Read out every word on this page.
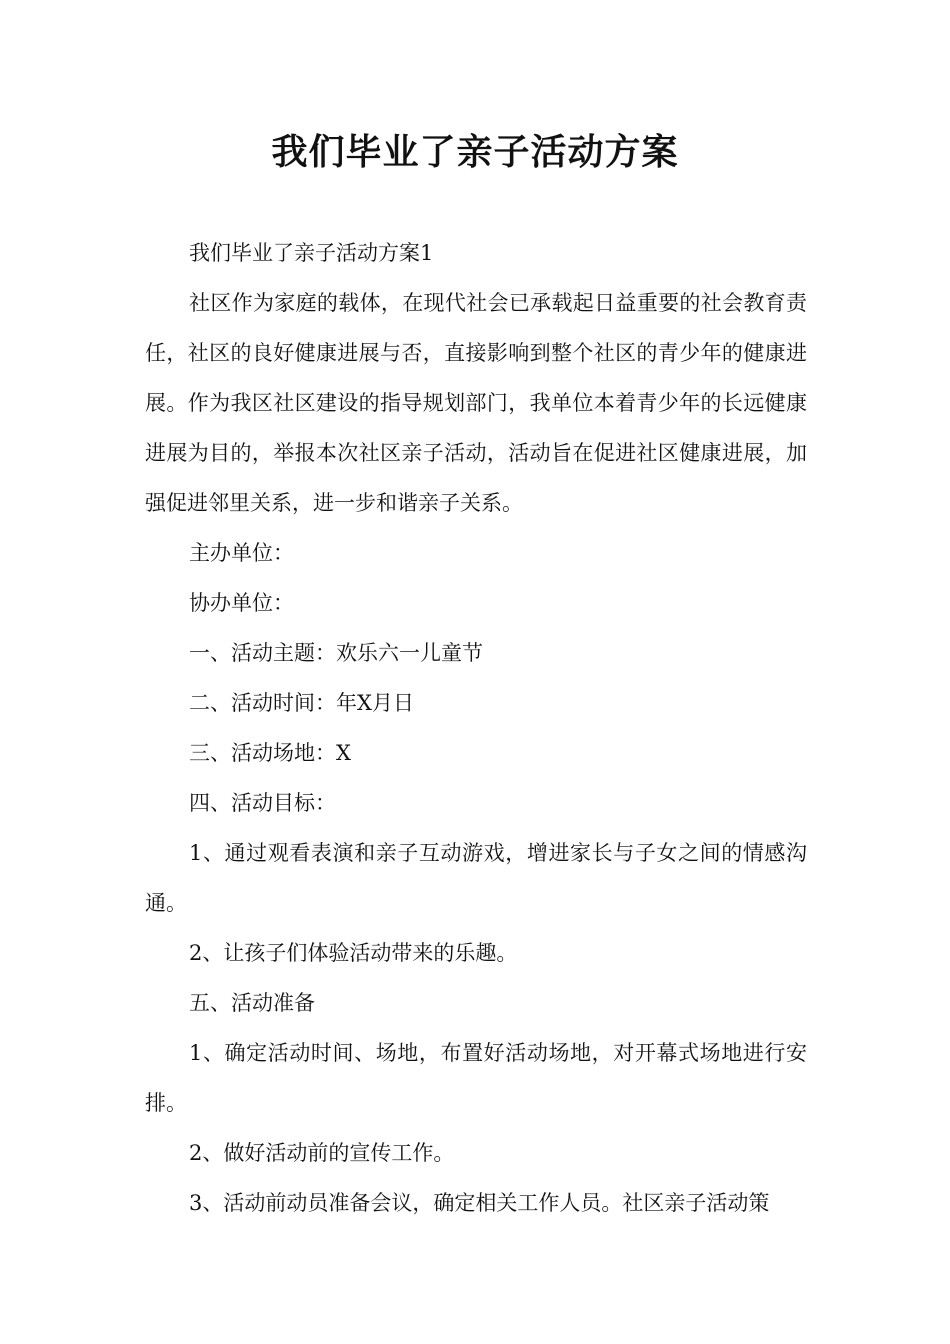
我们毕业了亲子活动方案

我们毕业了亲子活动方案1

社区作为家庭的载体，在现代社会已承载起日益重要的社会教育责任，社区的良好健康进展与否，直接影响到整个社区的青少年的健康进展。作为我区社区建设的指导规划部门，我单位本着青少年的长远健康进展为目的，举报本次社区亲子活动，活动旨在促进社区健康进展，加强促进邻里关系，进一步和谐亲子关系。

主办单位：

协办单位：

一、活动主题：欢乐六一儿童节

二、活动时间：年X月日

三、活动场地：X

四、活动目标：

1、通过观看表演和亲子互动游戏，增进家长与子女之间的情感沟通。

2、让孩子们体验活动带来的乐趣。

五、活动准备

1、确定活动时间、场地，布置好活动场地，对开幕式场地进行安排。

2、做好活动前的宣传工作。

3、活动前动员准备会议，确定相关工作人员。社区亲子活动策
